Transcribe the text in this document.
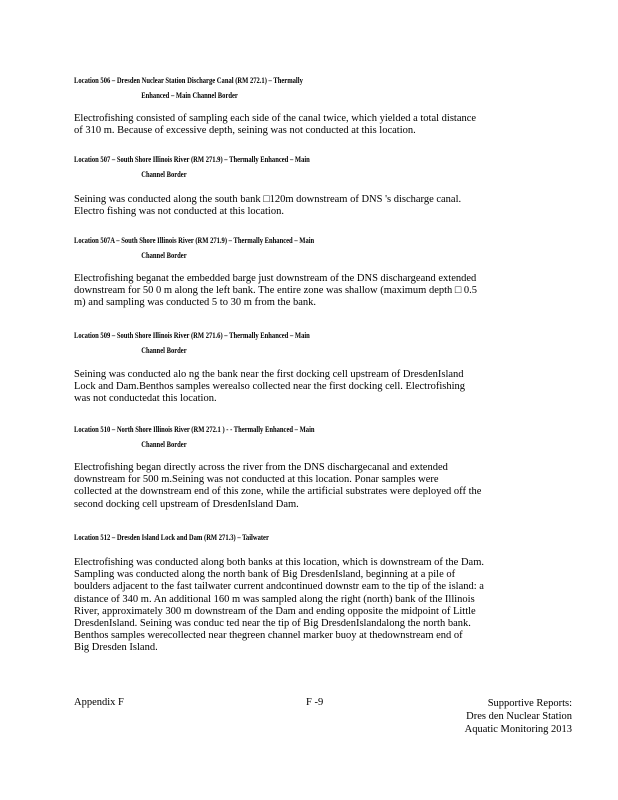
Location 506 – Dresden Nuclear Station Discharge Canal (RM 272.1) – Thermally
Enhanced – Main Channel Border
Electrofishing consisted of sampling each side of the canal twice, which yielded a total distance
of 310 m. Because of excessive depth, seining was not conducted at this location.
Location 507 – South Shore Illinois River (RM 271.9) – Thermally Enhanced – Main
Channel Border
Seining was conducted along the south bank □120m downstream of DNS 's discharge canal.
Electro fishing was not conducted at this location.
Location 507A – South Shore Illinois River (RM 271.9) – Thermally Enhanced – Main
Channel Border
Electrofishing beganat the embedded barge just downstream of the DNS dischargeand extended
downstream for 50 0 m along the left bank. The entire zone was shallow (maximum depth □ 0.5
m) and sampling was conducted 5 to 30 m from the bank.
Location 509 – South Shore Illinois River (RM 271.6) – Thermally Enhanced – Main
Channel Border
Seining was conducted alo ng the bank near the first docking cell upstream of DresdenIsland
Lock and Dam.Benthos samples werealso collected near the first docking cell. Electrofishing
was not conductedat this location.
Location 510 – North Shore Illinois River (RM 272.1 ) - - Thermally Enhanced – Main
Channel Border
Electrofishing began directly across the river from the DNS dischargecanal and extended
downstream for 500 m.Seining was not conducted at this location. Ponar samples were
collected at the downstream end of this zone, while the artificial substrates were deployed off the
second docking cell upstream of DresdenIsland Dam.
Location 512 – Dresden Island Lock and Dam (RM 271.3) – Tailwater
Electrofishing was conducted along both banks at this location, which is downstream of the Dam.
Sampling was conducted along the north bank of Big DresdenIsland, beginning at a pile of
boulders adjacent to the fast tailwater current andcontinued downstr eam to the tip of the island: a
distance of 340 m. An additional 160 m was sampled along the right (north) bank of the Illinois
River, approximately 300 m downstream of the Dam and ending opposite the midpoint of Little
DresdenIsland. Seining was conduc ted near the tip of Big DresdenIslandalong the north bank.
Benthos samples werecollected near thegreen channel marker buoy at thedownstream end of
Big Dresden Island.
Appendix F	F -9	Supportive Reports:
Dres den Nuclear Station
Aquatic Monitoring 2013
